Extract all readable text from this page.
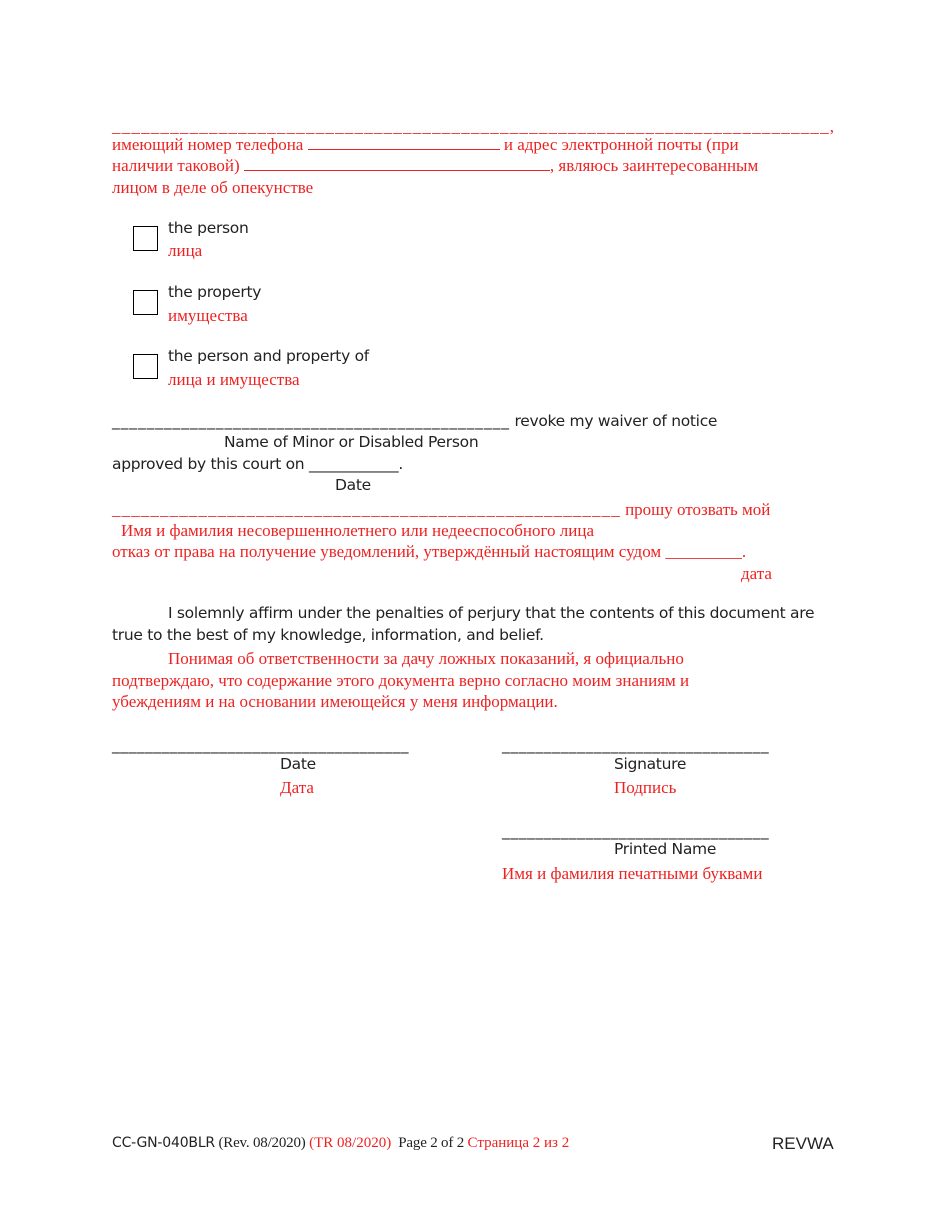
__________________________________________________________________________,
имеющий номер телефона	и адрес электронной почты (при
наличии таковой)	, являюсь заинтересованным
лицом в деле об опекунстве
the person
лица
the property
имущества
the person and property of
лица и имущества
______________________________________________ revoke my waiver of notice
Name of Minor or Disabled Person
approved by this court on ____________.
Date
_____________________________________________________ прошу отозвать мой
Имя и фамилия несовершеннолетнего или недееспособного лица
отказ от права на получение уведомлений, утверждённый настоящим судом _________.
дата
I solemnly affirm under the penalties of perjury that the contents of this document are
true to the best of my knowledge, information, and belief.
Понимая об ответственности за дачу ложных показаний, я официально
подтверждаю, что содержание этого документа верно согласно моим знаниям и
убеждениям и на основании имеющейся у меня информации.
____________________________________
Date
Дата
________________________________
Signature
Подпись
________________________________
Printed Name
Имя и фамилия печатными буквами
CC-GN-040BLR (Rev. 08/2020) (TR 08/2020)  Page 2 of 2 Страница 2 из 2	REVWA
